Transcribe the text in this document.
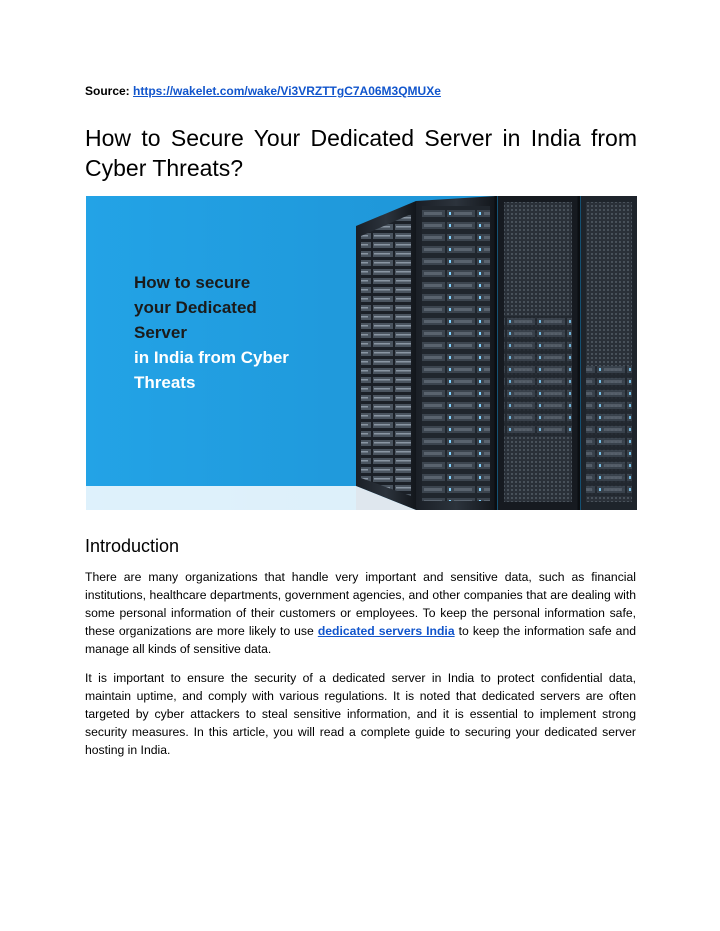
Source: https://wakelet.com/wake/Vi3VRZTTgC7A06M3QMUXe
How to Secure Your Dedicated Server in India from Cyber Threats?
How to secure
your Dedicated
Server
in India from Cyber
Threats
Introduction

There are many organizations that handle very important and sensitive data, such as financial institutions, healthcare departments, government agencies, and other companies that are dealing with some personal information of their customers or employees. To keep the personal information safe, these organizations are more likely to use dedicated servers India to keep the information safe and manage all kinds of sensitive data.

It is important to ensure the security of a dedicated server in India to protect confidential data, maintain uptime, and comply with various regulations. It is noted that dedicated servers are often targeted by cyber attackers to steal sensitive information, and it is essential to implement strong security measures. In this article, you will read a complete guide to securing your dedicated server hosting in India.
